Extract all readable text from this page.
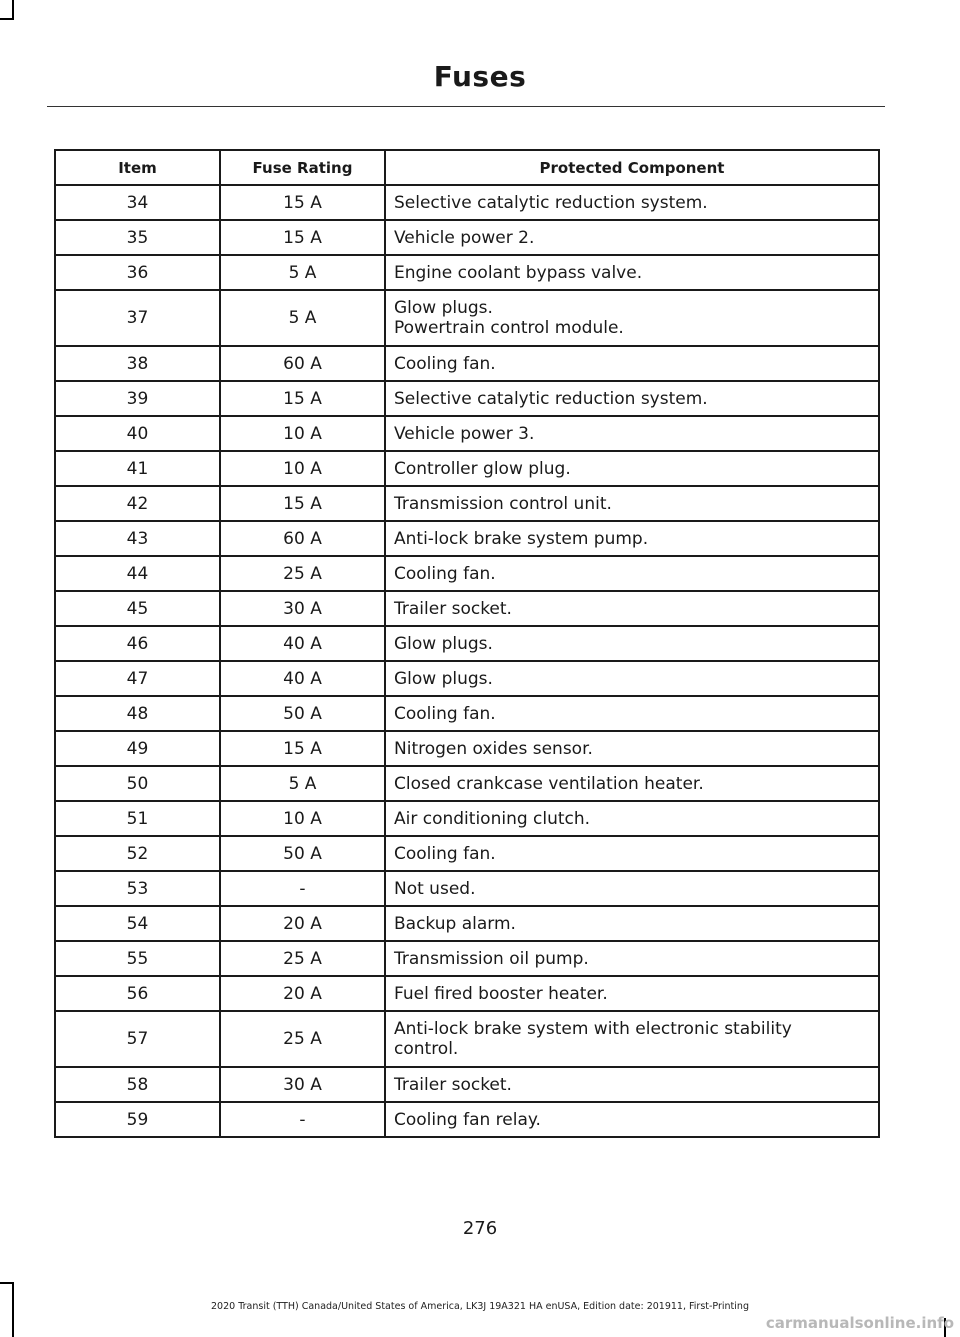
Fuses
Item	Fuse Rating	Protected Component
34	15 A	Selective catalytic reduction system.

35	15 A	Vehicle power 2.

36	5 A	Engine coolant bypass valve.

37	5 A	Glow plugs.
Powertrain control module.

38	60 A	Cooling fan.

39	15 A	Selective catalytic reduction system.

40	10 A	Vehicle power 3.

41	10 A	Controller glow plug.

42	15 A	Transmission control unit.

43	60 A	Anti-lock brake system pump.

44	25 A	Cooling fan.

45	30 A	Trailer socket.

46	40 A	Glow plugs.

47	40 A	Glow plugs.

48	50 A	Cooling fan.

49	15 A	Nitrogen oxides sensor.

50	5 A	Closed crankcase ventilation heater.

51	10 A	Air conditioning clutch.

52	50 A	Cooling fan.

53	-	Not used.

54	20 A	Backup alarm.

55	25 A	Transmission oil pump.

56	20 A	Fuel fired booster heater.

57	25 A	Anti-lock brake system with electronic stability
control.

58	30 A	Trailer socket.

59	-	Cooling fan relay.
276
2020 Transit (TTH) Canada/United States of America, LK3J 19A321 HA enUSA, Edition date: 201911, First-Printing
carmanualsonline.info
